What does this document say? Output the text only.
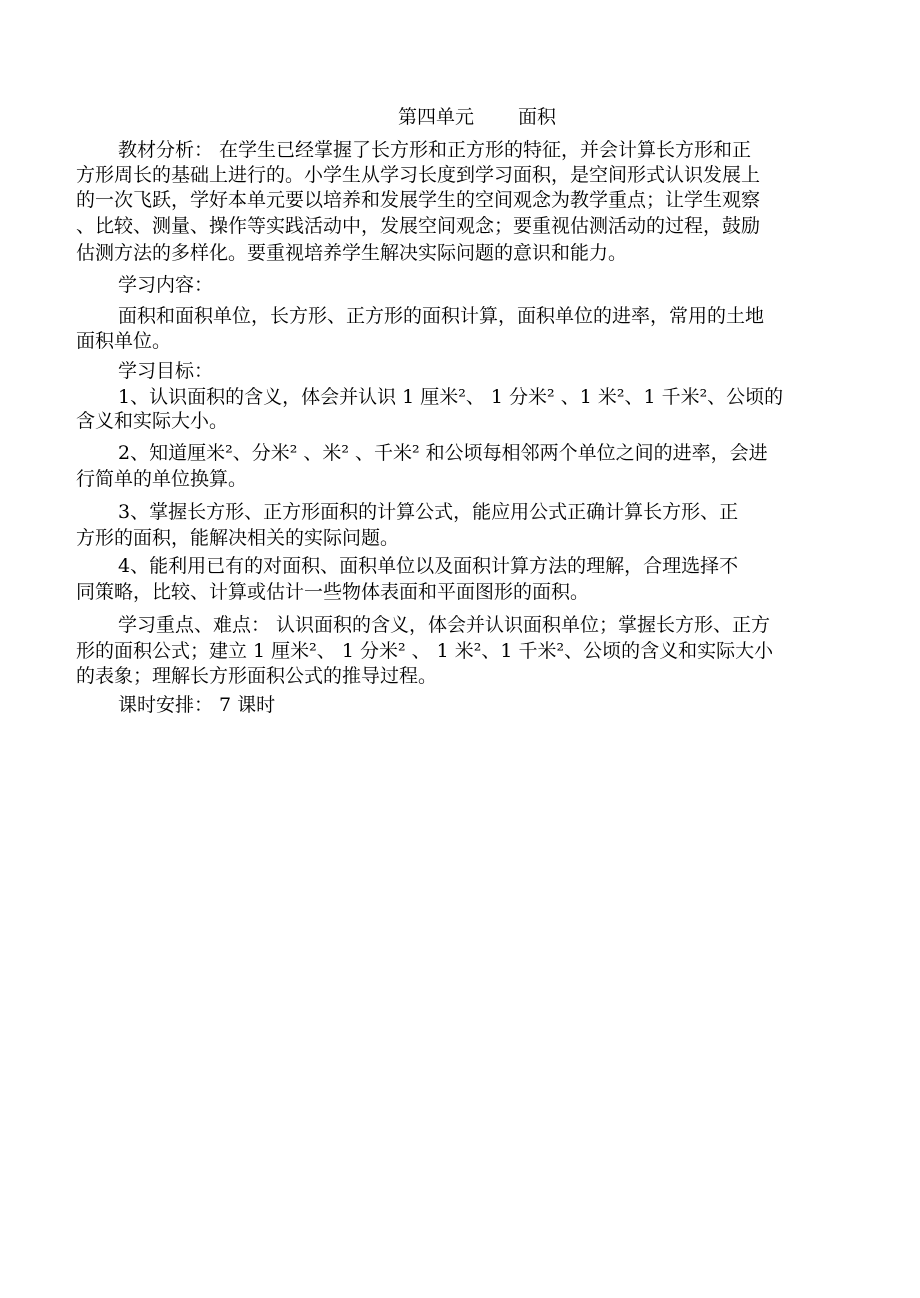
第四单元　　 面积
教材分析： 在学生已经掌握了长方形和正方形的特征，并会计算长方形和正
方形周长的基础上进行的。小学生从学习长度到学习面积，是空间形式认识发展上
的一次飞跃，学好本单元要以培养和发展学生的空间观念为教学重点；让学生观察
、比较、测量、操作等实践活动中，发展空间观念；要重视估测活动的过程，鼓励
估测方法的多样化。要重视培养学生解决实际问题的意识和能力。
学习内容：
面积和面积单位，长方形、正方形的面积计算，面积单位的进率，常用的土地
面积单位。
学习目标：
1、认识面积的含义，体会并认识 1 厘米²、 1 分米² 、1 米²、1 千米²、公顷的
含义和实际大小。
2、知道厘米²、分米² 、米² 、千米² 和公顷每相邻两个单位之间的进率，会进
行简单的单位换算。
3、掌握长方形、正方形面积的计算公式，能应用公式正确计算长方形、正
方形的面积，能解决相关的实际问题。
4、能利用已有的对面积、面积单位以及面积计算方法的理解，合理选择不
同策略，比较、计算或估计一些物体表面和平面图形的面积。
学习重点、难点： 认识面积的含义，体会并认识面积单位；掌握长方形、正方
形的面积公式；建立 1 厘米²、 1 分米² 、 1 米²、1 千米²、公顷的含义和实际大小
的表象；理解长方形面积公式的推导过程。
课时安排： 7 课时
